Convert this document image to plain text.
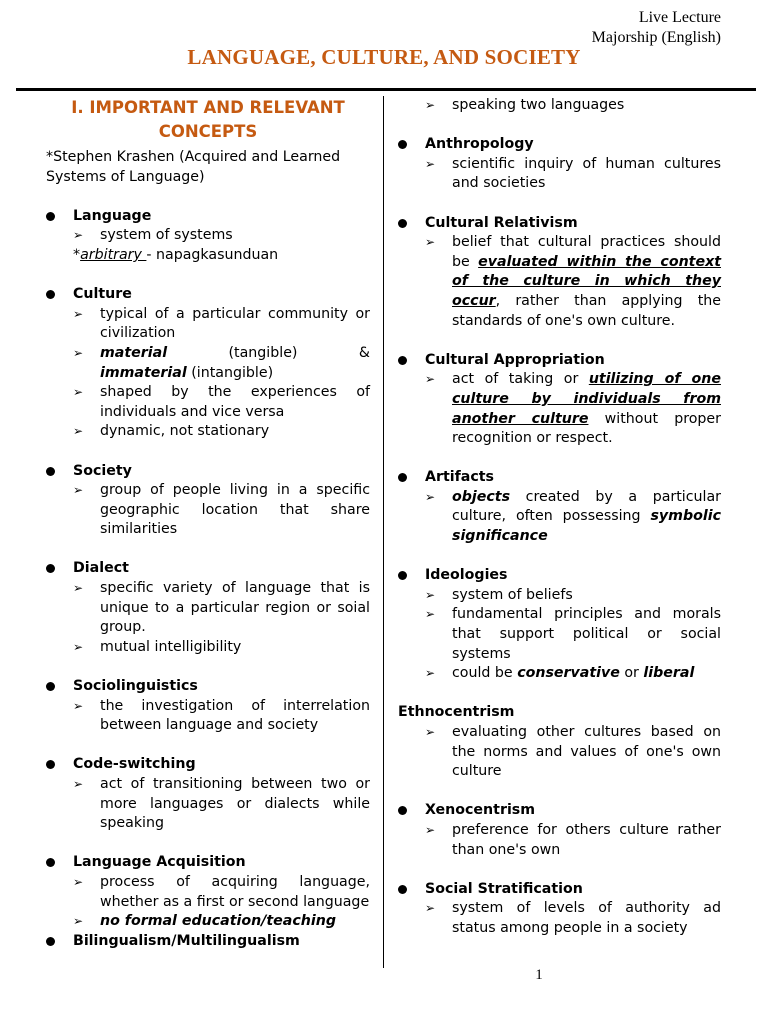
Live Lecture
Majorship (English)
LANGUAGE, CULTURE, AND SOCIETY
I. IMPORTANT AND RELEVANT CONCEPTS

*Stephen Krashen (Acquired and Learned Systems of Language)

Language
➢ system of systems
*arbitrary - napagkasunduan
Culture
➢ typical of a particular community or civilization
➢ material	(tangible)	&
immaterial (intangible)
➢ shaped by the experiences of individuals and vice versa
➢ dynamic, not stationary
Society
➢ group of people living in a specific geographic location that share similarities
Dialect
➢ specific variety of language that is unique to a particular region or soial group.
➢ mutual intelligibility
Sociolinguistics
➢ the investigation of interrelation between language and society
Code-switching
➢ act of transitioning between two or more languages or dialects while speaking
Language Acquisition
➢ process of acquiring language, whether as a first or second language
➢ no formal education/teaching
Bilingualism/Multilingualism
➢ speaking two languages
Anthropology
➢ scientific inquiry of human cultures and societies
Cultural Relativism
➢ belief that cultural practices should be evaluated within the context of the culture in which they occur, rather than applying the standards of one's own culture.
Cultural Appropriation
➢ act of taking or utilizing of one culture by individuals from another culture without proper recognition or respect.
Artifacts
➢ objects created by a particular culture, often possessing symbolic significance
Ideologies
➢ system of beliefs
➢ fundamental principles and morals that support political or social systems
➢ could be conservative or liberal
Ethnocentrism
➢ evaluating other cultures based on the norms and values of one's own culture
Xenocentrism
➢ preference for others culture rather than one's own
Social Stratification
➢ system of levels of authority ad status among people in a society
1
